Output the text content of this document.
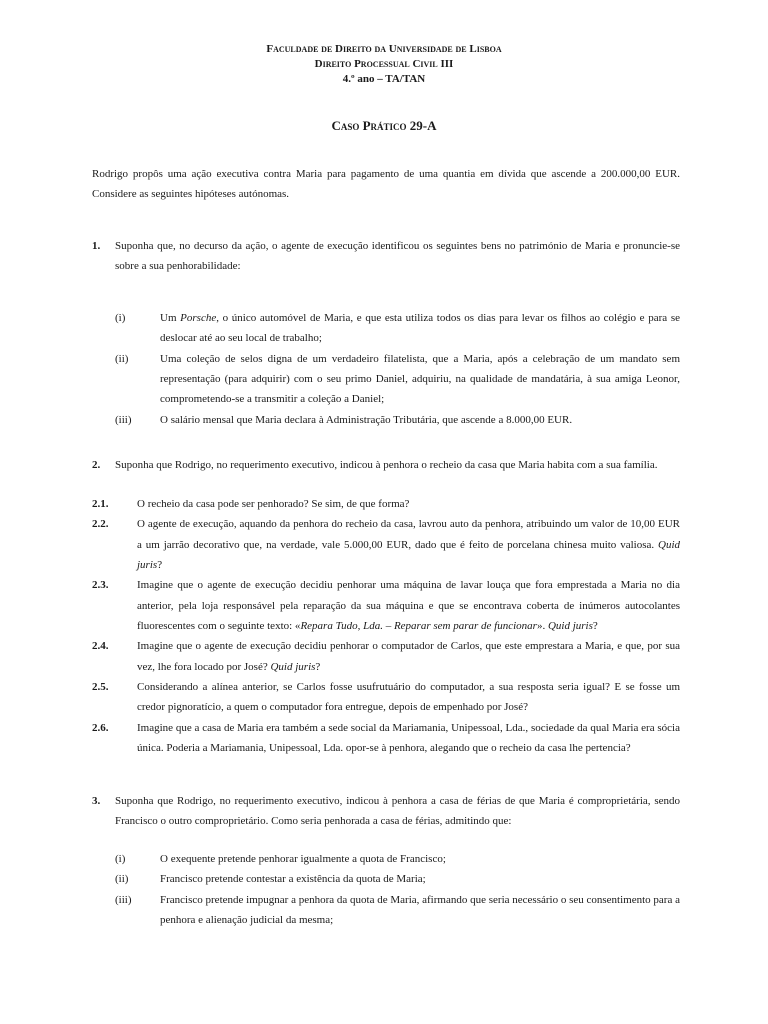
Faculdade de Direito da Universidade de Lisboa
Direito Processual Civil III
4.º ano – TA/TAN
Caso Prático 29-A
Rodrigo propôs uma ação executiva contra Maria para pagamento de uma quantia em dívida que ascende a 200.000,00 EUR. Considere as seguintes hipóteses autónomas.
1.	Suponha que, no decurso da ação, o agente de execução identificou os seguintes bens no património de Maria e pronuncie-se sobre a sua penhorabilidade:
(i)	Um Porsche, o único automóvel de Maria, e que esta utiliza todos os dias para levar os filhos ao colégio e para se deslocar até ao seu local de trabalho;
(ii)	Uma coleção de selos digna de um verdadeiro filatelista, que a Maria, após a celebração de um mandato sem representação (para adquirir) com o seu primo Daniel, adquiriu, na qualidade de mandatária, à sua amiga Leonor, comprometendo-se a transmitir a coleção a Daniel;
(iii)	O salário mensal que Maria declara à Administração Tributária, que ascende a 8.000,00 EUR.
2.	Suponha que Rodrigo, no requerimento executivo, indicou à penhora o recheio da casa que Maria habita com a sua família.
2.1.	O recheio da casa pode ser penhorado? Se sim, de que forma?
2.2.	O agente de execução, aquando da penhora do recheio da casa, lavrou auto da penhora, atribuindo um valor de 10,00 EUR a um jarrão decorativo que, na verdade, vale 5.000,00 EUR, dado que é feito de porcelana chinesa muito valiosa. Quid juris?
2.3.	Imagine que o agente de execução decidiu penhorar uma máquina de lavar louça que fora emprestada a Maria no dia anterior, pela loja responsável pela reparação da sua máquina e que se encontrava coberta de inúmeros autocolantes fluorescentes com o seguinte texto: «Repara Tudo, Lda. – Reparar sem parar de funcionar». Quid juris?
2.4.	Imagine que o agente de execução decidiu penhorar o computador de Carlos, que este emprestara a Maria, e que, por sua vez, lhe fora locado por José? Quid juris?
2.5.	Considerando a alínea anterior, se Carlos fosse usufrutuário do computador, a sua resposta seria igual? E se fosse um credor pignoratício, a quem o computador fora entregue, depois de empenhado por José?
2.6.	Imagine que a casa de Maria era também a sede social da Mariamania, Unipessoal, Lda., sociedade da qual Maria era sócia única. Poderia a Mariamania, Unipessoal, Lda. opor-se à penhora, alegando que o recheio da casa lhe pertencia?
3.	Suponha que Rodrigo, no requerimento executivo, indicou à penhora a casa de férias de que Maria é comproprietária, sendo Francisco o outro comproprietário. Como seria penhorada a casa de férias, admitindo que:
(i)	O exequente pretende penhorar igualmente a quota de Francisco;
(ii)	Francisco pretende contestar a existência da quota de Maria;
(iii)	Francisco pretende impugnar a penhora da quota de Maria, afirmando que seria necessário o seu consentimento para a penhora e alienação judicial da mesma;
